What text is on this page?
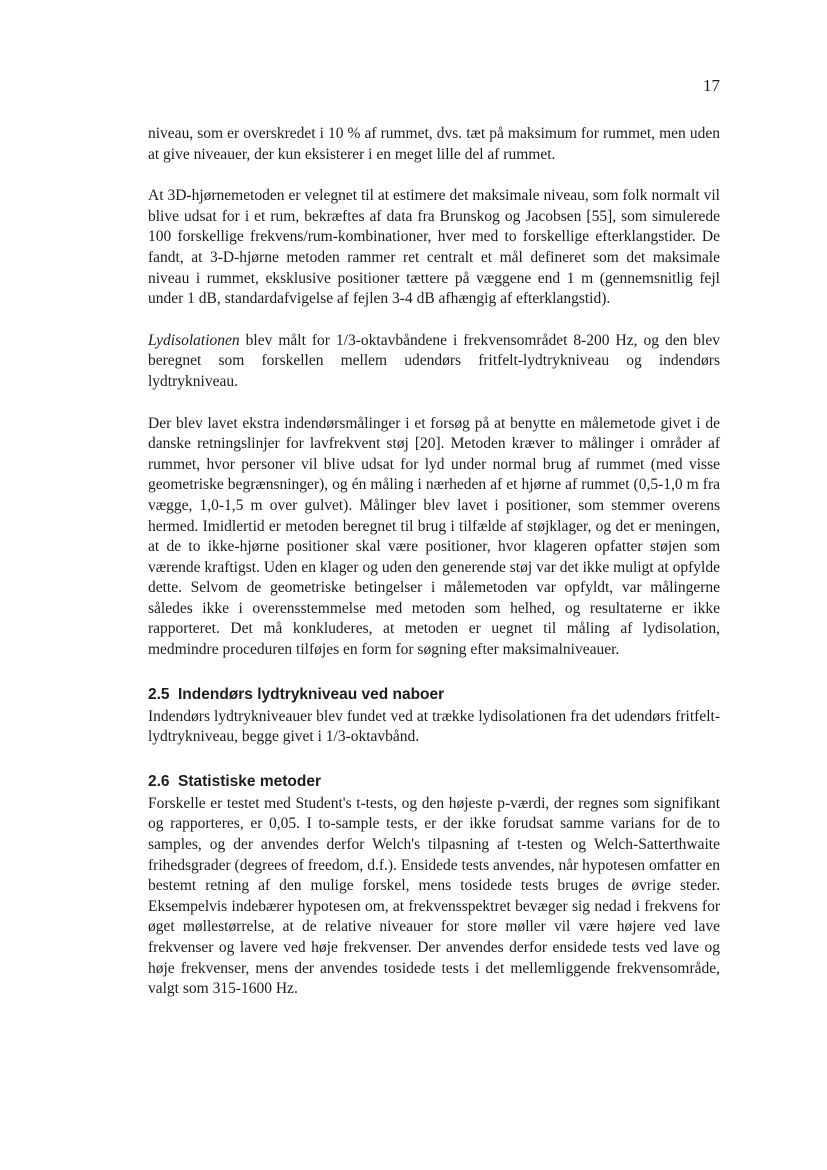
17

niveau, som er overskredet i 10 % af rummet, dvs. tæt på maksimum for rummet, men uden at give niveauer, der kun eksisterer i en meget lille del af rummet.

At 3D-hjørnemetoden er velegnet til at estimere det maksimale niveau, som folk normalt vil blive udsat for i et rum, bekræftes af data fra Brunskog og Jacobsen [55], som simulerede 100 forskellige frekvens/rum-kombinationer, hver med to forskellige efterklangstider. De fandt, at 3-D-hjørne metoden rammer ret centralt et mål defineret som det maksimale niveau i rummet, eksklusive positioner tættere på væggene end 1 m (gennemsnitlig fejl under 1 dB, standardafvigelse af fejlen 3-4 dB afhængig af efterklangstid).

Lydisolationen blev målt for 1/3-oktavbåndene i frekvensområdet 8-200 Hz, og den blev beregnet som forskellen mellem udendørs fritfelt-lydtrykniveau og indendørs lydtrykniveau.

Der blev lavet ekstra indendørsmålinger i et forsøg på at benytte en målemetode givet i de danske retningslinjer for lavfrekvent støj [20]. Metoden kræver to målinger i områder af rummet, hvor personer vil blive udsat for lyd under normal brug af rummet (med visse geometriske begrænsninger), og én måling i nærheden af et hjørne af rummet (0,5-1,0 m fra vægge, 1,0-1,5 m over gulvet). Målinger blev lavet i positioner, som stemmer overens hermed. Imidlertid er metoden beregnet til brug i tilfælde af støjklager, og det er meningen, at de to ikke-hjørne positioner skal være positioner, hvor klageren opfatter støjen som værende kraftigst. Uden en klager og uden den generende støj var det ikke muligt at opfylde dette. Selvom de geometriske betingelser i målemetoden var opfyldt, var målingerne således ikke i overensstemmelse med metoden som helhed, og resultaterne er ikke rapporteret. Det må konkluderes, at metoden er uegnet til måling af lydisolation, medmindre proceduren tilføjes en form for søgning efter maksimalniveauer.

2.5 Indendørs lydtrykniveau ved naboer

Indendørs lydtrykniveauer blev fundet ved at trække lydisolationen fra det udendørs fritfelt-lydtrykniveau, begge givet i 1/3-oktavbånd.

2.6 Statistiske metoder

Forskelle er testet med Student's t-tests, og den højeste p-værdi, der regnes som signifikant og rapporteres, er 0,05. I to-sample tests, er der ikke forudsat samme varians for de to samples, og der anvendes derfor Welch's tilpasning af t-testen og Welch-Satterthwaite frihedsgrader (degrees of freedom, d.f.). Ensidede tests anvendes, når hypotesen omfatter en bestemt retning af den mulige forskel, mens tosidede tests bruges de øvrige steder. Eksempelvis indebærer hypotesen om, at frekvensspektret bevæger sig nedad i frekvens for øget møllestørrelse, at de relative niveauer for store møller vil være højere ved lave frekvenser og lavere ved høje frekvenser. Der anvendes derfor ensidede tests ved lave og høje frekvenser, mens der anvendes tosidede tests i det mellemliggende frekvensområde, valgt som 315-1600 Hz.
